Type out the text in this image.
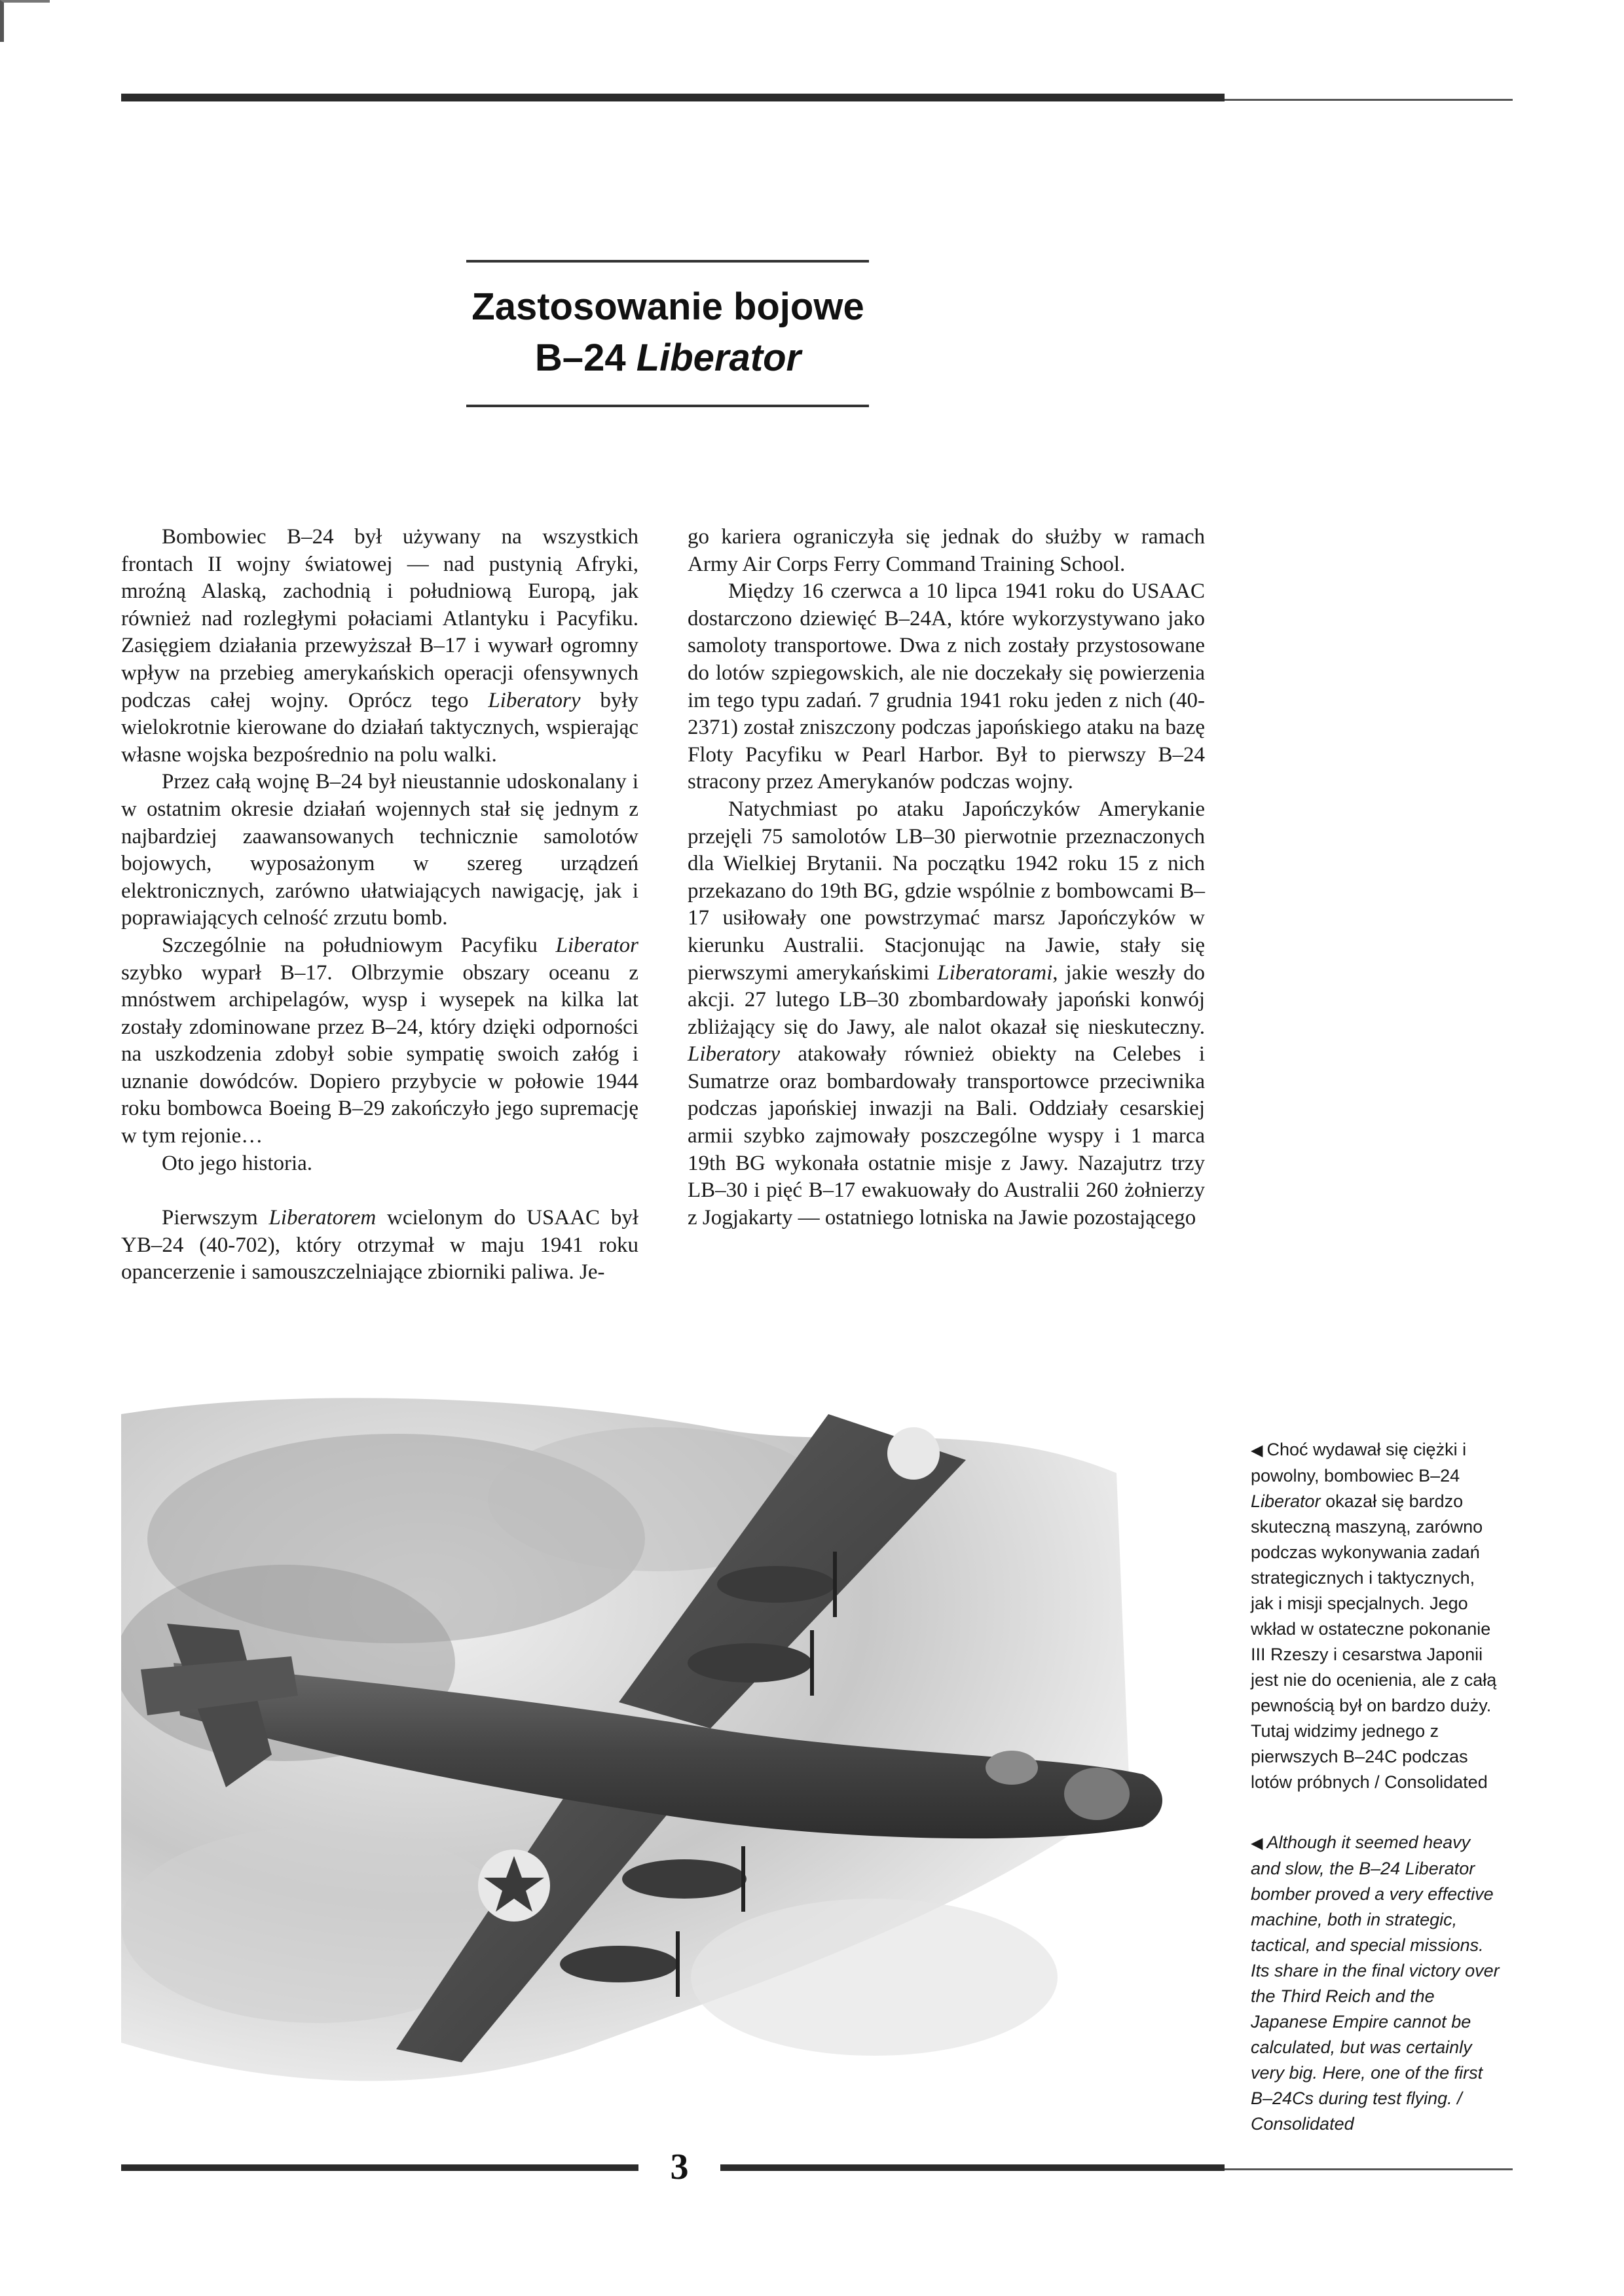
Zastosowanie bojowe
B–24 Liberator

Bombowiec B–24 był używany na wszystkich frontach II wojny światowej — nad pustynią Afryki, mroźną Alaską, zachodnią i południową Europą, jak również nad rozległymi połaciami Atlantyku i Pacyfiku. Zasięgiem działania przewyższał B–17 i wywarł ogromny wpływ na przebieg amerykańskich operacji ofensywnych podczas całej wojny. Oprócz tego Liberatory były wielokrotnie kierowane do działań taktycznych, wspierając własne wojska bezpośrednio na polu walki.

Przez całą wojnę B–24 był nieustannie udoskonalany i w ostatnim okresie działań wojennych stał się jednym z najbardziej zaawansowanych technicznie samolotów bojowych, wyposażonym w szereg urządzeń elektronicznych, zarówno ułatwiających nawigację, jak i poprawiających celność zrzutu bomb.

Szczególnie na południowym Pacyfiku Liberator szybko wyparł B–17. Olbrzymie obszary oceanu z mnóstwem archipelagów, wysp i wysepek na kilka lat zostały zdominowane przez B–24, który dzięki odporności na uszkodzenia zdobył sobie sympatię swoich załóg i uznanie dowódców. Dopiero przybycie w połowie 1944 roku bombowca Boeing B–29 zakończyło jego supremację w tym rejonie…

Oto jego historia.

Pierwszym Liberatorem wcielonym do USAAC był YB–24 (40-702), który otrzymał w maju 1941 roku opancerzenie i samouszczelniające zbiorniki paliwa. Je-

go kariera ograniczyła się jednak do służby w ramach Army Air Corps Ferry Command Training School.

Między 16 czerwca a 10 lipca 1941 roku do USAAC dostarczono dziewięć B–24A, które wykorzystywano jako samoloty transportowe. Dwa z nich zostały przystosowane do lotów szpiegowskich, ale nie doczekały się powierzenia im tego typu zadań. 7 grudnia 1941 roku jeden z nich (40-2371) został zniszczony podczas japońskiego ataku na bazę Floty Pacyfiku w Pearl Harbor. Był to pierwszy B–24 stracony przez Amerykanów podczas wojny.

Natychmiast po ataku Japończyków Amerykanie przejęli 75 samolotów LB–30 pierwotnie przeznaczonych dla Wielkiej Brytanii. Na początku 1942 roku 15 z nich przekazano do 19th BG, gdzie wspólnie z bombowcami B–17 usiłowały one powstrzymać marsz Japończyków w kierunku Australii. Stacjonując na Jawie, stały się pierwszymi amerykańskimi Liberatorami, jakie weszły do akcji. 27 lutego LB–30 zbombardowały japoński konwój zbliżający się do Jawy, ale nalot okazał się nieskuteczny. Liberatory atakowały również obiekty na Celebes i Sumatrze oraz bombardowały transportowce przeciwnika podczas japońskiej inwazji na Bali. Oddziały cesarskiej armii szybko zajmowały poszczególne wyspy i 1 marca 19th BG wykonała ostatnie misje z Jawy. Nazajutrz trzy LB–30 i pięć B–17 ewakuowały do Australii 260 żołnierzy z Jogjakarty — ostatniego lotniska na Jawie pozostającego

◀ Choć wydawał się ciężki i powolny, bombowiec B–24 Liberator okazał się bardzo skuteczną maszyną, zarówno podczas wykonywania zadań strategicznych i taktycznych, jak i misji specjalnych. Jego wkład w ostateczne pokonanie III Rzeszy i cesarstwa Japonii jest nie do ocenienia, ale z całą pewnością był on bardzo duży. Tutaj widzimy jednego z pierwszych B–24C podczas lotów próbnych / Consolidated
◀ Although it seemed heavy and slow, the B–24 Liberator bomber proved a very effective machine, both in strategic, tactical, and special missions. Its share in the final victory over the Third Reich and the Japanese Empire cannot be calculated, but was certainly very big. Here, one of the first B–24Cs during test flying. / Consolidated
3
